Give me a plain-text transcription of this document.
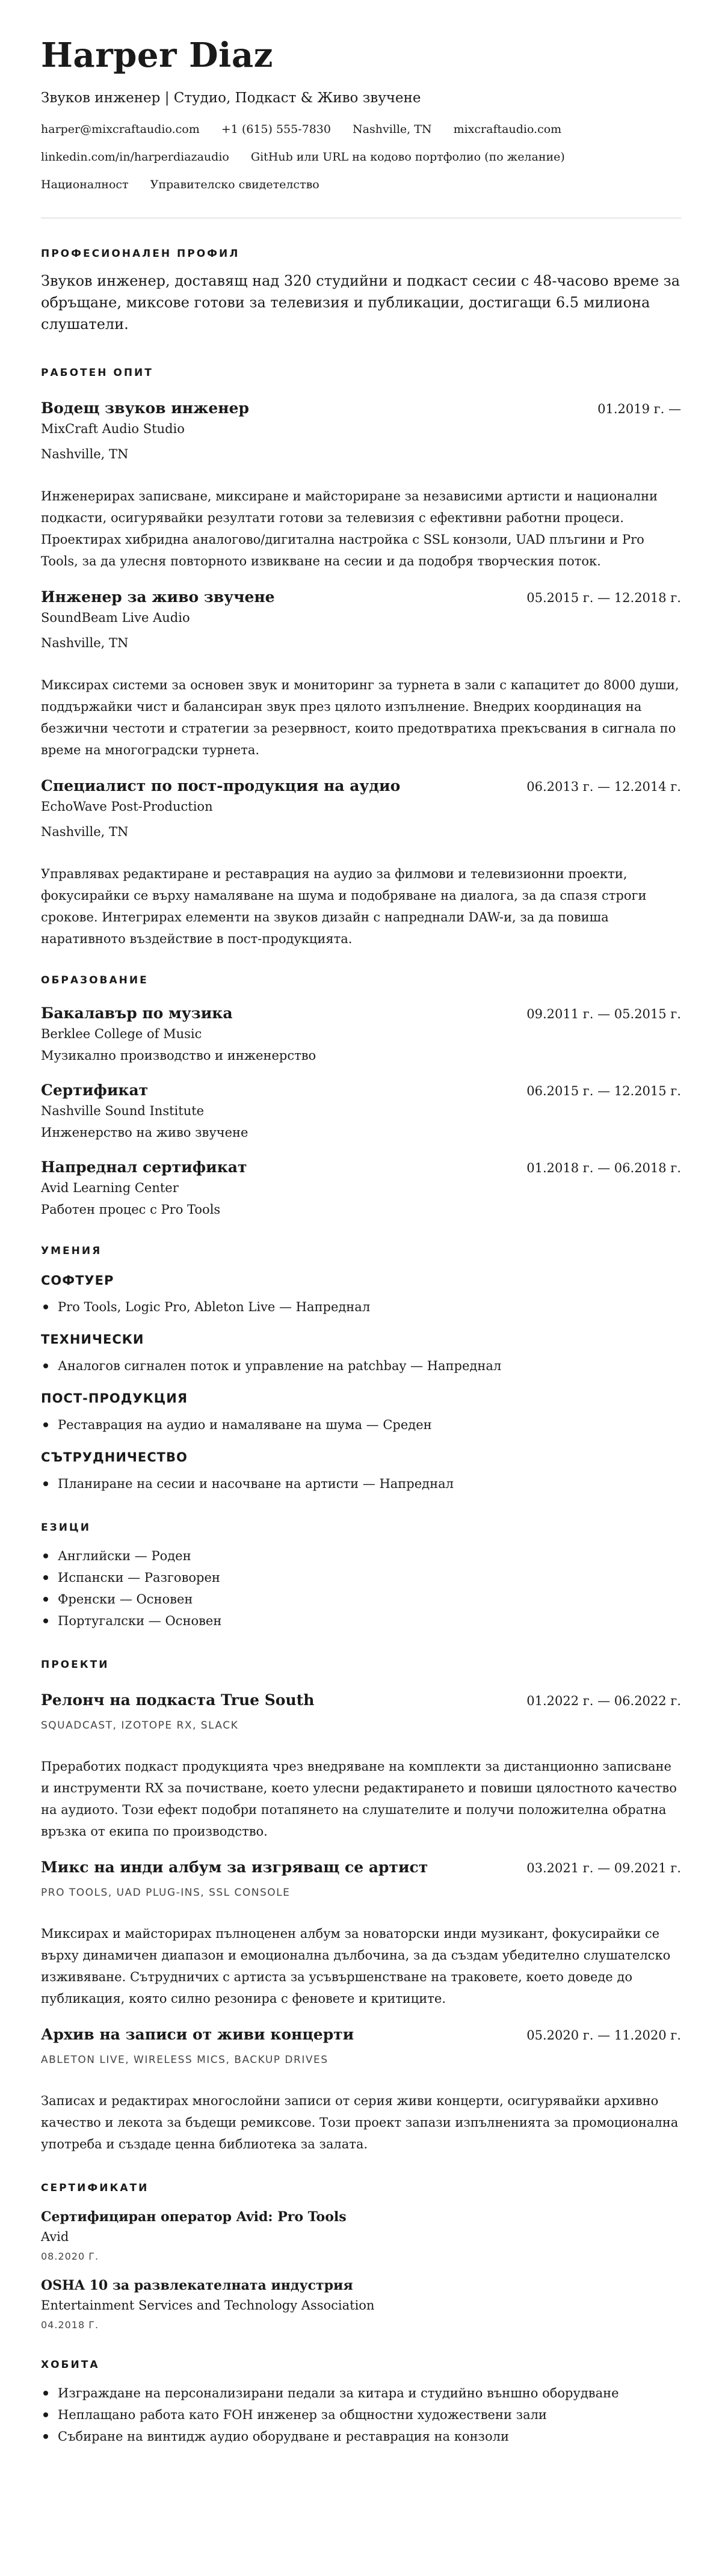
Harper Diaz
Звуков инженер | Студио, Подкаст & Живо звучене
harper@mixcraftaudio.com +1 (615) 555-7830 Nashville, TN mixcraftaudio.com
linkedin.com/in/harperdiazaudio GitHub или URL на кодово портфолио (по желание)
Националност Управителско свидетелство
ПРОФЕСИОНАЛЕН ПРОФИЛ
Звуков инженер, доставящ над 320 студийни и подкаст сесии с 48-часово време за обръщане, миксове готови за телевизия и публикации, достигащи 6.5 милиона слушатели.
РАБОТЕН ОПИТ
Водещ звуков инженер	01.2019 г. —
MixCraft Audio Studio
Nashville, TN
Инженерирах записване, миксиране и майсториране за независими артисти и национални подкасти, осигурявайки резултати готови за телевизия с ефективни работни процеси. Проектирах хибридна аналогово/дигитална настройка с SSL конзоли, UAD плъгини и Pro Tools, за да улесня повторното извикване на сесии и да подобря творческия поток.
Инженер за живо звучене	05.2015 г. — 12.2018 г.
SoundBeam Live Audio
Nashville, TN
Миксирах системи за основен звук и мониторинг за турнета в зали с капацитет до 8000 души, поддържайки чист и балансиран звук през цялото изпълнение. Внедрих координация на безжични честоти и стратегии за резервност, които предотвратиха прекъсвания в сигнала по време на многоградски турнета.
Специалист по пост-продукция на аудио	06.2013 г. — 12.2014 г.
EchoWave Post-Production
Nashville, TN
Управлявах редактиране и реставрация на аудио за филмови и телевизионни проекти, фокусирайки се върху намаляване на шума и подобряване на диалога, за да спазя строги срокове. Интегрирах елементи на звуков дизайн с напреднали DAW-и, за да повиша наративното въздействие в пост-продукцията.
ОБРАЗОВАНИЕ
Бакалавър по музика	09.2011 г. — 05.2015 г.
Berklee College of Music
Музикално производство и инженерство
Сертификат	06.2015 г. — 12.2015 г.
Nashville Sound Institute
Инженерство на живо звучене
Напреднал сертификат	01.2018 г. — 06.2018 г.
Avid Learning Center
Работен процес с Pro Tools
УМЕНИЯ
СОФТУЕР
Pro Tools, Logic Pro, Ableton Live — Напреднал
ТЕХНИЧЕСКИ
Аналогов сигнален поток и управление на patchbay — Напреднал
ПОСТ-ПРОДУКЦИЯ
Реставрация на аудио и намаляване на шума — Среден
СЪТРУДНИЧЕСТВО
Планиране на сесии и насочване на артисти — Напреднал
ЕЗИЦИ
Английски — Роден
Испански — Разговорен
Френски — Основен
Португалски — Основен
ПРОЕКТИ
Релонч на подкаста True South	01.2022 г. — 06.2022 г.
SQUADCAST, IZOTOPE RX, SLACK
Преработих подкаст продукцията чрез внедряване на комплекти за дистанционно записване и инструменти RX за почистване, което улесни редактирането и повиши цялостното качество на аудиото. Този ефект подобри потапянето на слушателите и получи положителна обратна връзка от екипа по производство.
Микс на инди албум за изгряващ се артист	03.2021 г. — 09.2021 г.
PRO TOOLS, UAD PLUG-INS, SSL CONSOLE
Миксирах и майсторирах пълноценен албум за новаторски инди музикант, фокусирайки се върху динамичен диапазон и емоционална дълбочина, за да създам убедително слушателско изживяване. Сътрудничих с артиста за усъвършенстване на траковете, което доведе до публикация, която силно резонира с феновете и критиците.
Архив на записи от живи концерти	05.2020 г. — 11.2020 г.
ABLETON LIVE, WIRELESS MICS, BACKUP DRIVES
Записах и редактирах многослойни записи от серия живи концерти, осигурявайки архивно качество и лекота за бъдещи ремиксове. Този проект запази изпълненията за промоционална употреба и създаде ценна библиотека за залата.
СЕРТИФИКАТИ
Сертифициран оператор Avid: Pro Tools
Avid
08.2020 Г.
OSHA 10 за развлекателната индустрия
Entertainment Services and Technology Association
04.2018 Г.
ХОБИТА
Изграждане на персонализирани педали за китара и студийно външно оборудване
Неплащано работа като FOH инженер за общностни художествени зали
Събиране на винтидж аудио оборудване и реставрация на конзоли
